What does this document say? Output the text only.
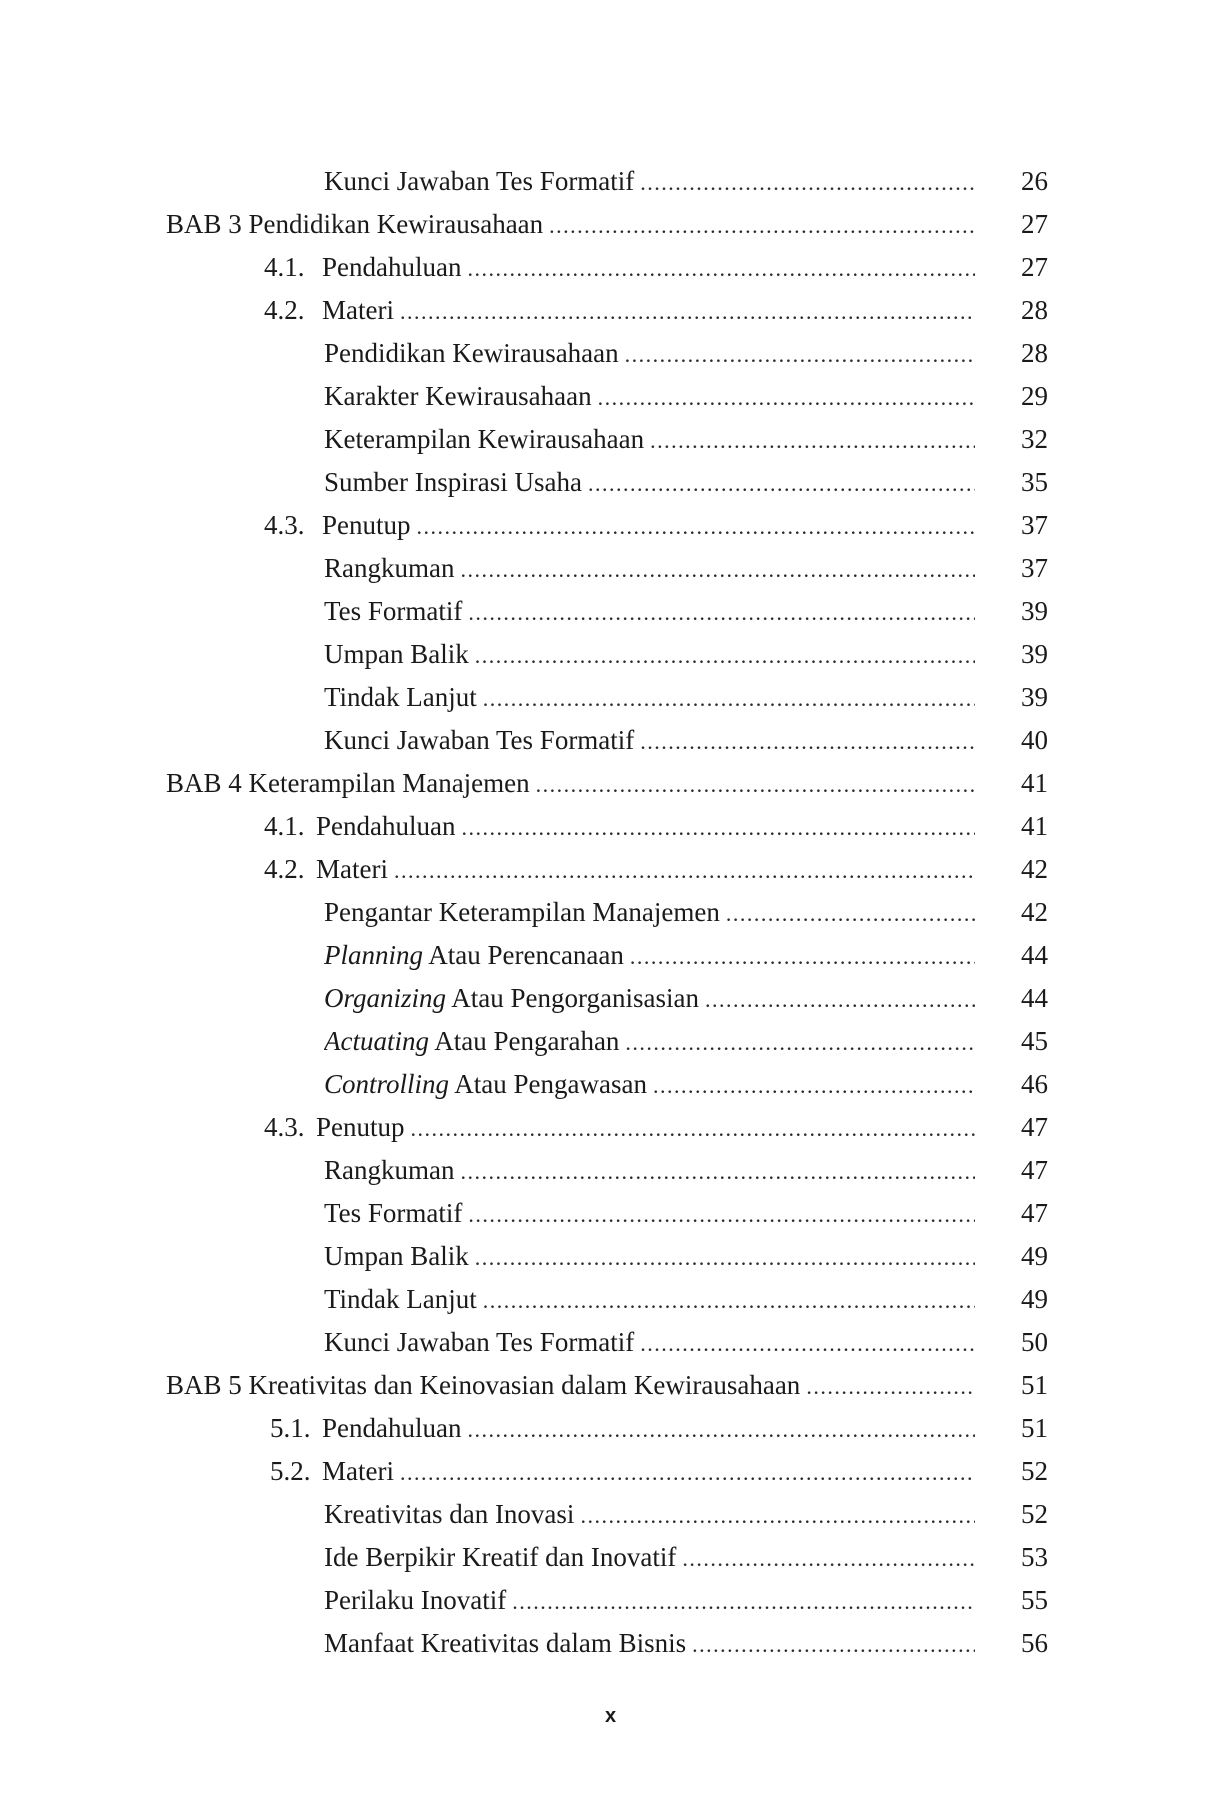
Kunci Jawaban Tes Formatif .....	26
BAB 3 Pendidikan Kewirausahaan .....	27
4.1. Pendahuluan .....	27
4.2. Materi .....	28
Pendidikan Kewirausahaan .....	28
Karakter Kewirausahaan .....	29
Keterampilan Kewirausahaan .....	32
Sumber Inspirasi Usaha .....	35
4.3. Penutup .....	37
Rangkuman .....	37
Tes Formatif .....	39
Umpan Balik .....	39
Tindak Lanjut .....	39
Kunci Jawaban Tes Formatif .....	40
BAB 4 Keterampilan Manajemen .....	41
4.1. Pendahuluan .....	41
4.2. Materi .....	42
Pengantar Keterampilan Manajemen .....	42
Planning Atau Perencanaan .....	44
Organizing Atau Pengorganisasian .....	44
Actuating Atau Pengarahan .....	45
Controlling Atau Pengawasan .....	46
4.3. Penutup .....	47
Rangkuman .....	47
Tes Formatif .....	47
Umpan Balik .....	49
Tindak Lanjut .....	49
Kunci Jawaban Tes Formatif .....	50
BAB 5 Kreativitas dan Keinovasian dalam Kewirausahaan .....	51
5.1. Pendahuluan .....	51
5.2. Materi .....	52
Kreativitas dan Inovasi .....	52
Ide Berpikir Kreatif dan Inovatif .....	53
Perilaku Inovatif .....	55
Manfaat Kreativitas dalam Bisnis .....	56
x
